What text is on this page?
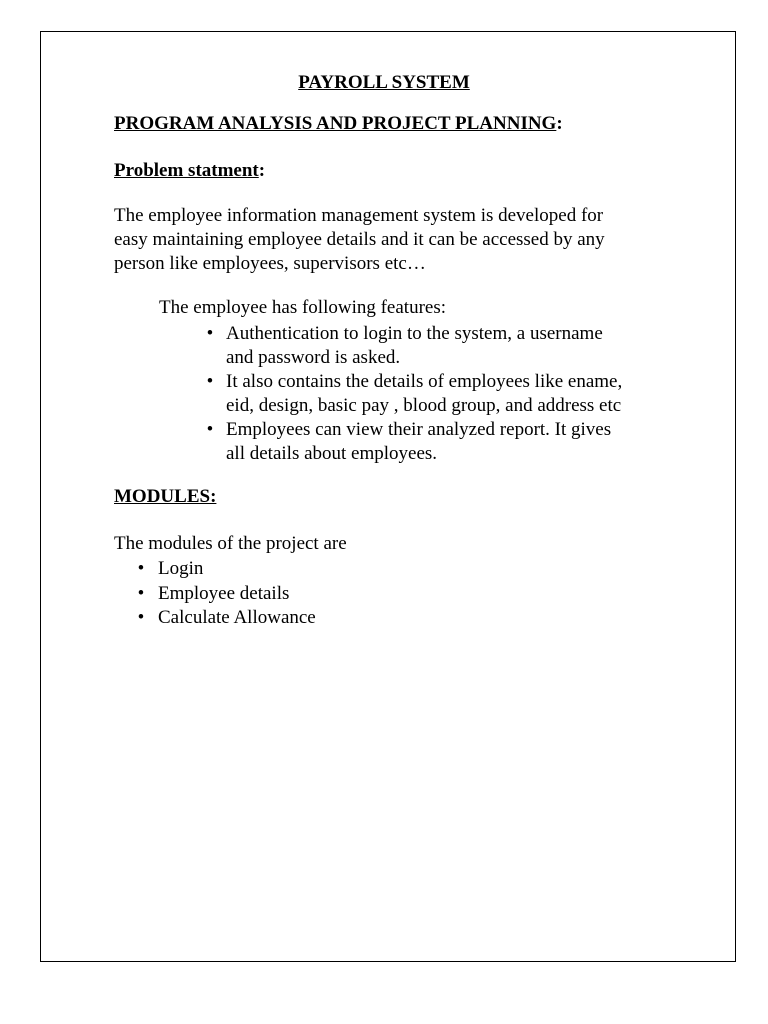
PAYROLL SYSTEM
PROGRAM ANALYSIS AND PROJECT PLANNING:
Problem statment:
The employee information management system is developed for
easy maintaining employee details and it can be accessed by any
person like employees, supervisors etc…
The employee has following features:
• Authentication to login to the system, a username
and password is asked.
• It also contains the details of employees like ename,
eid, design, basic pay , blood group, and address etc
• Employees can view their analyzed report. It gives
all details about employees.
MODULES:
The modules of the project are
• Login
• Employee details
• Calculate Allowance
